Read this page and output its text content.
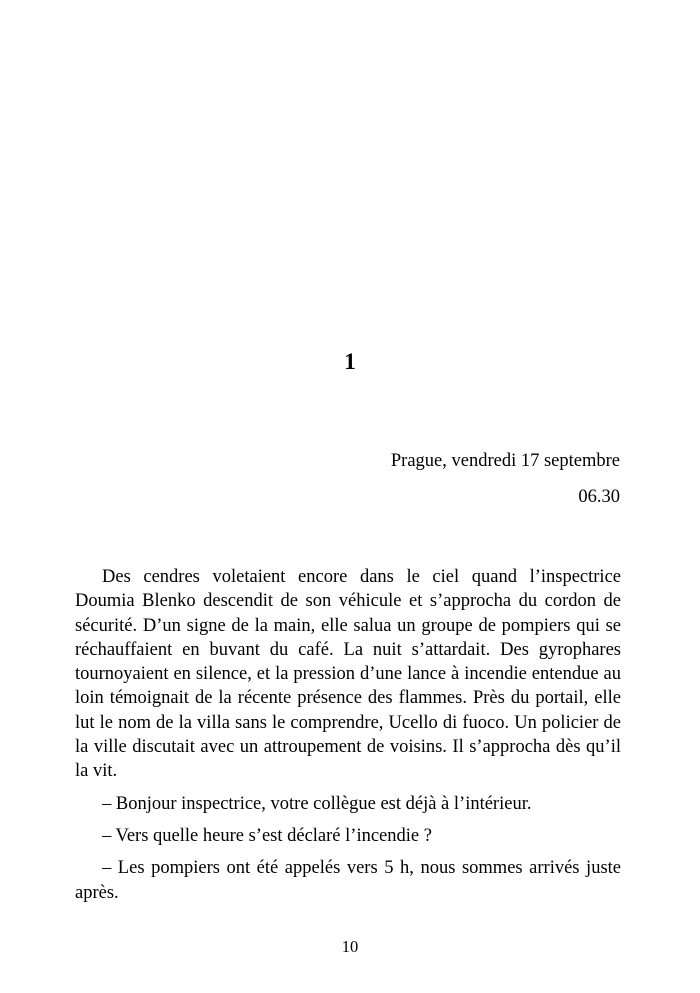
1
Prague, vendredi 17 septembre
06.30

Des cendres voletaient encore dans le ciel quand l’inspectrice Doumia Blenko descendit de son véhicule et s’approcha du cordon de sécurité. D’un signe de la main, elle salua un groupe de pompiers qui se réchauffaient en buvant du café. La nuit s’attardait. Des gyrophares tournoyaient en silence, et la pression d’une lance à incendie entendue au loin témoignait de la récente présence des flammes. Près du portail, elle lut le nom de la villa sans le comprendre, Ucello di fuoco. Un policier de la ville discutait avec un attroupement de voisins. Il s’approcha dès qu’il la vit.

– Bonjour inspectrice, votre collègue est déjà à l’intérieur.

– Vers quelle heure s’est déclaré l’incendie ?

– Les pompiers ont été appelés vers 5 h, nous sommes arrivés juste après.

10
